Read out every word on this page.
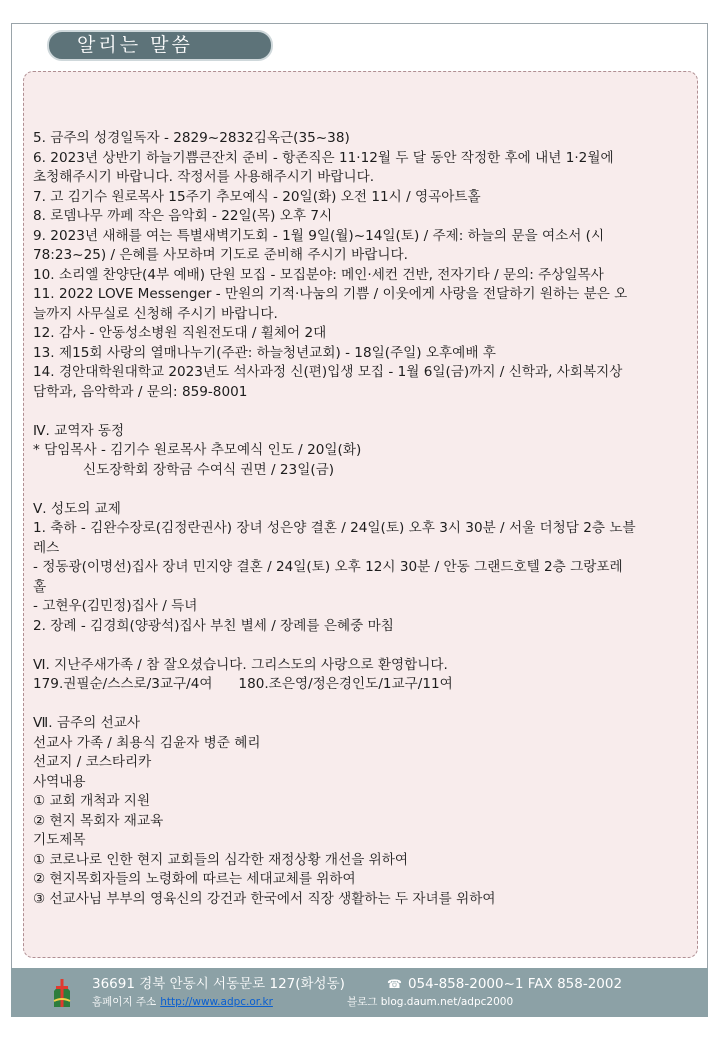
알리는 말씀
5. 금주의 성경일독자 - 2829~2832김옥근(35~38)
6. 2023년 상반기 하늘기쁨큰잔치 준비 - 항존직은 11·12월 두 달 동안 작정한 후에 내년 1·2월에
초청해주시기 바랍니다. 작정서를 사용해주시기 바랍니다.
7. 고 김기수 원로목사 15주기 추모예식 - 20일(화) 오전 11시 / 영곡아트홀
8. 로뎀나무 까페 작은 음악회 - 22일(목) 오후 7시
9. 2023년 새해를 여는 특별새벽기도회 - 1월 9일(월)~14일(토) / 주제: 하늘의 문을 여소서 (시
78:23~25) / 은혜를 사모하며 기도로 준비해 주시기 바랍니다.
10. 소리엘 찬양단(4부 예배) 단원 모집 - 모집분야: 메인·세컨 건반, 전자기타 / 문의: 주상일목사
11. 2022 LOVE Messenger - 만원의 기적·나눔의 기쁨 / 이웃에게 사랑을 전달하기 원하는 분은 오
늘까지 사무실로 신청해 주시기 바랍니다.
12. 감사 - 안동성소병원 직원전도대 / 휠체어 2대
13. 제15회 사랑의 열매나누기(주관: 하늘청년교회) - 18일(주일) 오후예배 후
14. 경안대학원대학교 2023년도 석사과정 신(편)입생 모집 - 1월 6일(금)까지 / 신학과, 사회복지상
담학과, 음악학과 / 문의: 859-8001
Ⅳ. 교역자 동정
* 담임목사 - 김기수 원로목사 추모예식 인도 / 20일(화)
신도장학회 장학금 수여식 권면 / 23일(금)
Ⅴ. 성도의 교제
1. 축하 - 김완수장로(김정란권사) 장녀 성은양 결혼 / 24일(토) 오후 3시 30분 / 서울 더청담 2층 노블
레스
- 정동광(이명선)집사 장녀 민지양 결혼 / 24일(토) 오후 12시 30분 / 안동 그랜드호텔 2층 그랑포레
홀
- 고현우(김민정)집사 / 득녀
2. 장례 - 김경희(양광석)집사 부친 별세 / 장례를 은혜중 마침
Ⅵ. 지난주새가족 / 참 잘오셨습니다. 그리스도의 사랑으로 환영합니다.
179.권필순/스스로/3교구/4여      180.조은영/정은경인도/1교구/11여
Ⅶ. 금주의 선교사
선교사 가족 / 최용식 김윤자 병준 혜리
선교지 / 코스타리카
사역내용
① 교회 개척과 지원
② 현지 목회자 재교육
기도제목
① 코로나로 인한 현지 교회들의 심각한 재정상황 개선을 위하여
② 현지목회자들의 노령화에 따르는 세대교체를 위하여
③ 선교사님 부부의 영육신의 강건과 한국에서 직장 생활하는 두 자녀를 위하여
36691 경북 안동시 서동문로 127(화성동)	☎ 054-858-2000~1 FAX 858-2002
홈페이지 주소 http://www.adpc.or.kr	블로그 blog.daum.net/adpc2000
